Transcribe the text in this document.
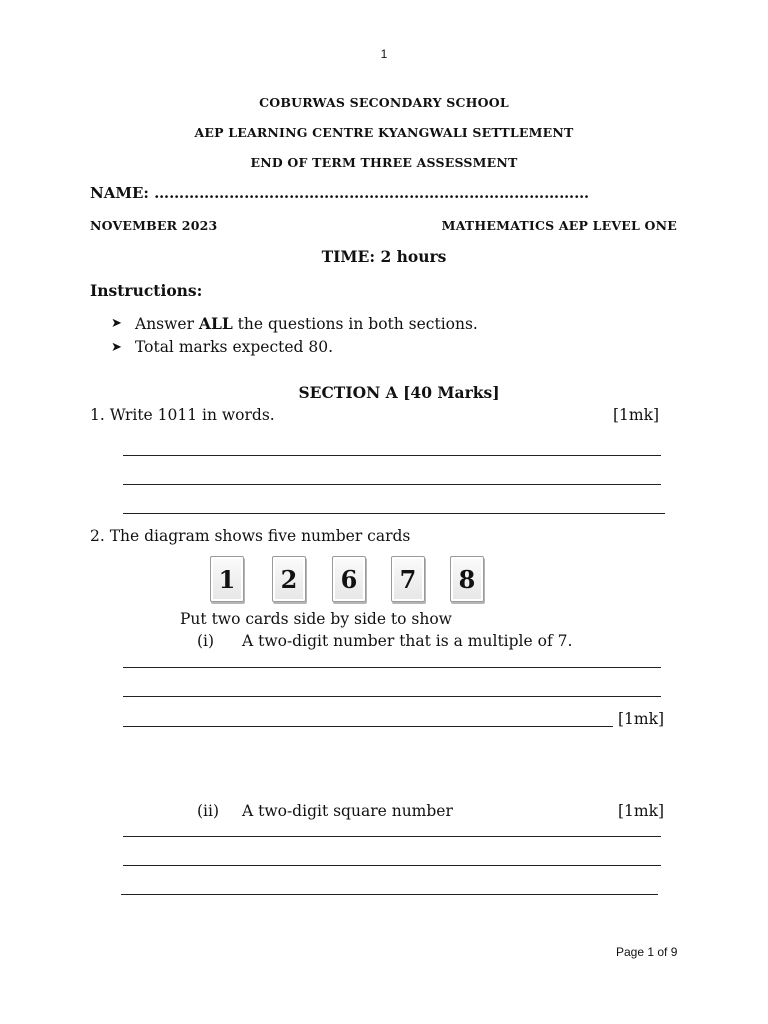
1
COBURWAS SECONDARY SCHOOL
AEP LEARNING CENTRE KYANGWALI SETTLEMENT
END OF TERM THREE ASSESSMENT
NAME: ……………………………………………………………………………
NOVEMBER 2023	MATHEMATICS AEP LEVEL ONE
TIME: 2 hours
Instructions:
➤ Answer ALL the questions in both sections.
➤ Total marks expected 80.
SECTION A [40 Marks]
1. Write 1011 in words.	[1mk]
2. The diagram shows five number cards
1	2	6	7	8
Put two cards side by side to show
(i) A two-digit number that is a multiple of 7.
[1mk]
(ii) A two-digit square number	[1mk]
Page 1 of 9
